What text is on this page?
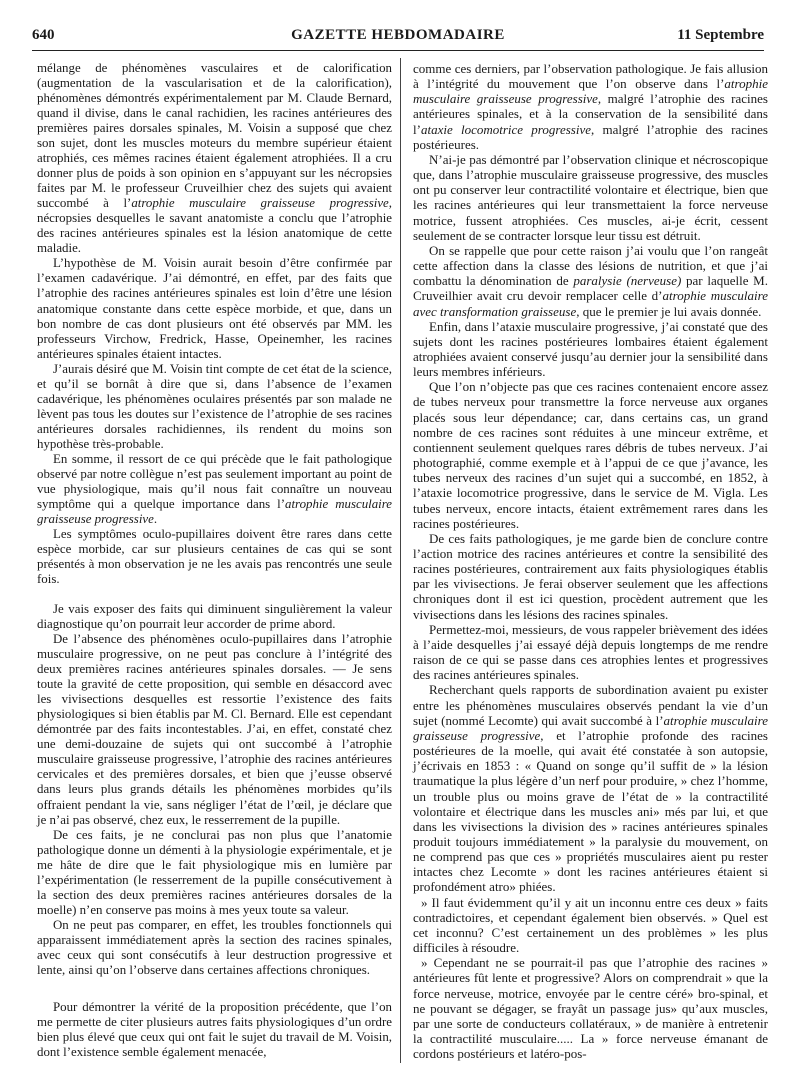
640	GAZETTE HEBDOMADAIRE	11 Septembre

mélange de phénomènes vasculaires et de calorification (augmentation de la vascularisation et de la calorification), phénomènes démontrés expérimentalement par M. Claude Bernard, quand il divise, dans le canal rachidien, les racines antérieures des premières paires dorsales spinales, M. Voisin a supposé que chez son sujet, dont les muscles moteurs du membre supérieur étaient atrophiés, ces mêmes racines étaient également atrophiées. Il a cru donner plus de poids à son opinion en s’appuyant sur les nécropsies faites par M. le professeur Cruveilhier chez des sujets qui avaient succombé à l’atrophie musculaire graisseuse progressive, nécropsies desquelles le savant anatomiste a conclu que l’atrophie des racines antérieures spinales est la lésion anatomique de cette maladie.

L’hypothèse de M. Voisin aurait besoin d’être confirmée par l’examen cadavérique. J’ai démontré, en effet, par des faits que l’atrophie des racines antérieures spinales est loin d’être une lésion anatomique constante dans cette espèce morbide, et que, dans un bon nombre de cas dont plusieurs ont été observés par MM. les professeurs Virchow, Fredrick, Hasse, Opeinemher, les racines antérieures spinales étaient intactes.

J’aurais désiré que M. Voisin tint compte de cet état de la science, et qu’il se bornât à dire que si, dans l’absence de l’examen cadavérique, les phénomènes oculaires présentés par son malade ne lèvent pas tous les doutes sur l’existence de l’atrophie de ses racines antérieures dorsales rachidiennes, ils rendent du moins son hypothèse très-probable.

En somme, il ressort de ce qui précède que le fait pathologique observé par notre collègue n’est pas seulement important au point de vue physiologique, mais qu’il nous fait connaître un nouveau symptôme qui a quelque importance dans l’atrophie musculaire graisseuse progressive.

Les symptômes oculo-pupillaires doivent être rares dans cette espèce morbide, car sur plusieurs centaines de cas qui se sont présentés à mon observation je ne les avais pas rencontrés une seule fois.

Je vais exposer des faits qui diminuent singulièrement la valeur diagnostique qu’on pourrait leur accorder de prime abord.

De l’absence des phénomènes oculo-pupillaires dans l’atrophie musculaire progressive, on ne peut pas conclure à l’intégrité des deux premières racines antérieures spinales dorsales. — Je sens toute la gravité de cette proposition, qui semble en désaccord avec les vivisections desquelles est ressortie l’existence des faits physiologiques si bien établis par M. Cl. Bernard. Elle est cependant démontrée par des faits incontestables. J’ai, en effet, constaté chez une demi-douzaine de sujets qui ont succombé à l’atrophie musculaire graisseuse progressive, l’atrophie des racines antérieures cervicales et des premières dorsales, et bien que j’eusse observé dans leurs plus grands détails les phénomènes morbides qu’ils offraient pendant la vie, sans négliger l’état de l’œil, je déclare que je n’ai pas observé, chez eux, le resserrement de la pupille.

De ces faits, je ne conclurai pas non plus que l’anatomie pathologique donne un démenti à la physiologie expérimentale, et je me hâte de dire que le fait physiologique mis en lumière par l’expérimentation (le resserrement de la pupille consécutivement à la section des deux premières racines antérieures dorsales de la moelle) n’en conserve pas moins à mes yeux toute sa valeur.

On ne peut pas comparer, en effet, les troubles fonctionnels qui apparaissent immédiatement après la section des racines spinales, avec ceux qui sont consécutifs à leur destruction progressive et lente, ainsi qu’on l’observe dans certaines affections chroniques.

Pour démontrer la vérité de la proposition précédente, que l’on me permette de citer plusieurs autres faits physiologiques d’un ordre bien plus élevé que ceux qui ont fait le sujet du travail de M. Voisin, dont l’existence semble également menacée,

comme ces derniers, par l’observation pathologique. Je fais allusion à l’intégrité du mouvement que l’on observe dans l’atrophie musculaire graisseuse progressive, malgré l’atrophie des racines antérieures spinales, et à la conservation de la sensibilité dans l’ataxie locomotrice progressive, malgré l’atrophie des racines postérieures.

N’ai-je pas démontré par l’observation clinique et nécroscopique que, dans l’atrophie musculaire graisseuse progressive, des muscles ont pu conserver leur contractilité volontaire et électrique, bien que les racines antérieures qui leur transmettaient la force nerveuse motrice, fussent atrophiées. Ces muscles, ai-je écrit, cessent seulement de se contracter lorsque leur tissu est détruit.

On se rappelle que pour cette raison j’ai voulu que l’on rangeât cette affection dans la classe des lésions de nutrition, et que j’ai combattu la dénomination de paralysie (nerveuse) par laquelle M. Cruveilhier avait cru devoir remplacer celle d’atrophie musculaire avec transformation graisseuse, que le premier je lui avais donnée.

Enfin, dans l’ataxie musculaire progressive, j’ai constaté que des sujets dont les racines postérieures lombaires étaient également atrophiées avaient conservé jusqu’au dernier jour la sensibilité dans leurs membres inférieurs.

Que l’on n’objecte pas que ces racines contenaient encore assez de tubes nerveux pour transmettre la force nerveuse aux organes placés sous leur dépendance; car, dans certains cas, un grand nombre de ces racines sont réduites à une minceur extrême, et contiennent seulement quelques rares débris de tubes nerveux. J’ai photographié, comme exemple et à l’appui de ce que j’avance, les tubes nerveux des racines d’un sujet qui a succombé, en 1852, à l’ataxie locomotrice progressive, dans le service de M. Vigla. Les tubes nerveux, encore intacts, étaient extrêmement rares dans les racines postérieures.

De ces faits pathologiques, je me garde bien de conclure contre l’action motrice des racines antérieures et contre la sensibilité des racines postérieures, contrairement aux faits physiologiques établis par les vivisections. Je ferai observer seulement que les affections chroniques dont il est ici question, procèdent autrement que les vivisections dans les lésions des racines spinales.

Permettez-moi, messieurs, de vous rappeler brièvement des idées à l’aide desquelles j’ai essayé déjà depuis longtemps de me rendre raison de ce qui se passe dans ces atrophies lentes et progressives des racines antérieures spinales.

Recherchant quels rapports de subordination avaient pu exister entre les phénomènes musculaires observés pendant la vie d’un sujet (nommé Lecomte) qui avait succombé à l’atrophie musculaire graisseuse progressive, et l’atrophie profonde des racines postérieures de la moelle, qui avait été constatée à son autopsie, j’écrivais en 1853 : « Quand on songe qu’il suffit de » la lésion traumatique la plus légère d’un nerf pour produire, » chez l’homme, un trouble plus ou moins grave de l’état de » la contractilité volontaire et électrique dans les muscles ani» més par lui, et que dans les vivisections la division des » racines antérieures spinales produit toujours immédiatement » la paralysie du mouvement, on ne comprend pas que ces » propriétés musculaires aient pu rester intactes chez Lecomte » dont les racines antérieures étaient si profondément atro» phiées.

» Il faut évidemment qu’il y ait un inconnu entre ces deux » faits contradictoires, et cependant également bien observés. » Quel est cet inconnu? C’est certainement un des problèmes » les plus difficiles à résoudre.

» Cependant ne se pourrait-il pas que l’atrophie des racines » antérieures fût lente et progressive? Alors on comprendrait » que la force nerveuse, motrice, envoyée par le centre céré» bro-spinal, et ne pouvant se dégager, se frayât un passage jus» qu’aux muscles, par une sorte de conducteurs collatéraux, » de manière à entretenir la contractilité musculaire..... La » force nerveuse émanant de cordons postérieurs et latéro-pos-
